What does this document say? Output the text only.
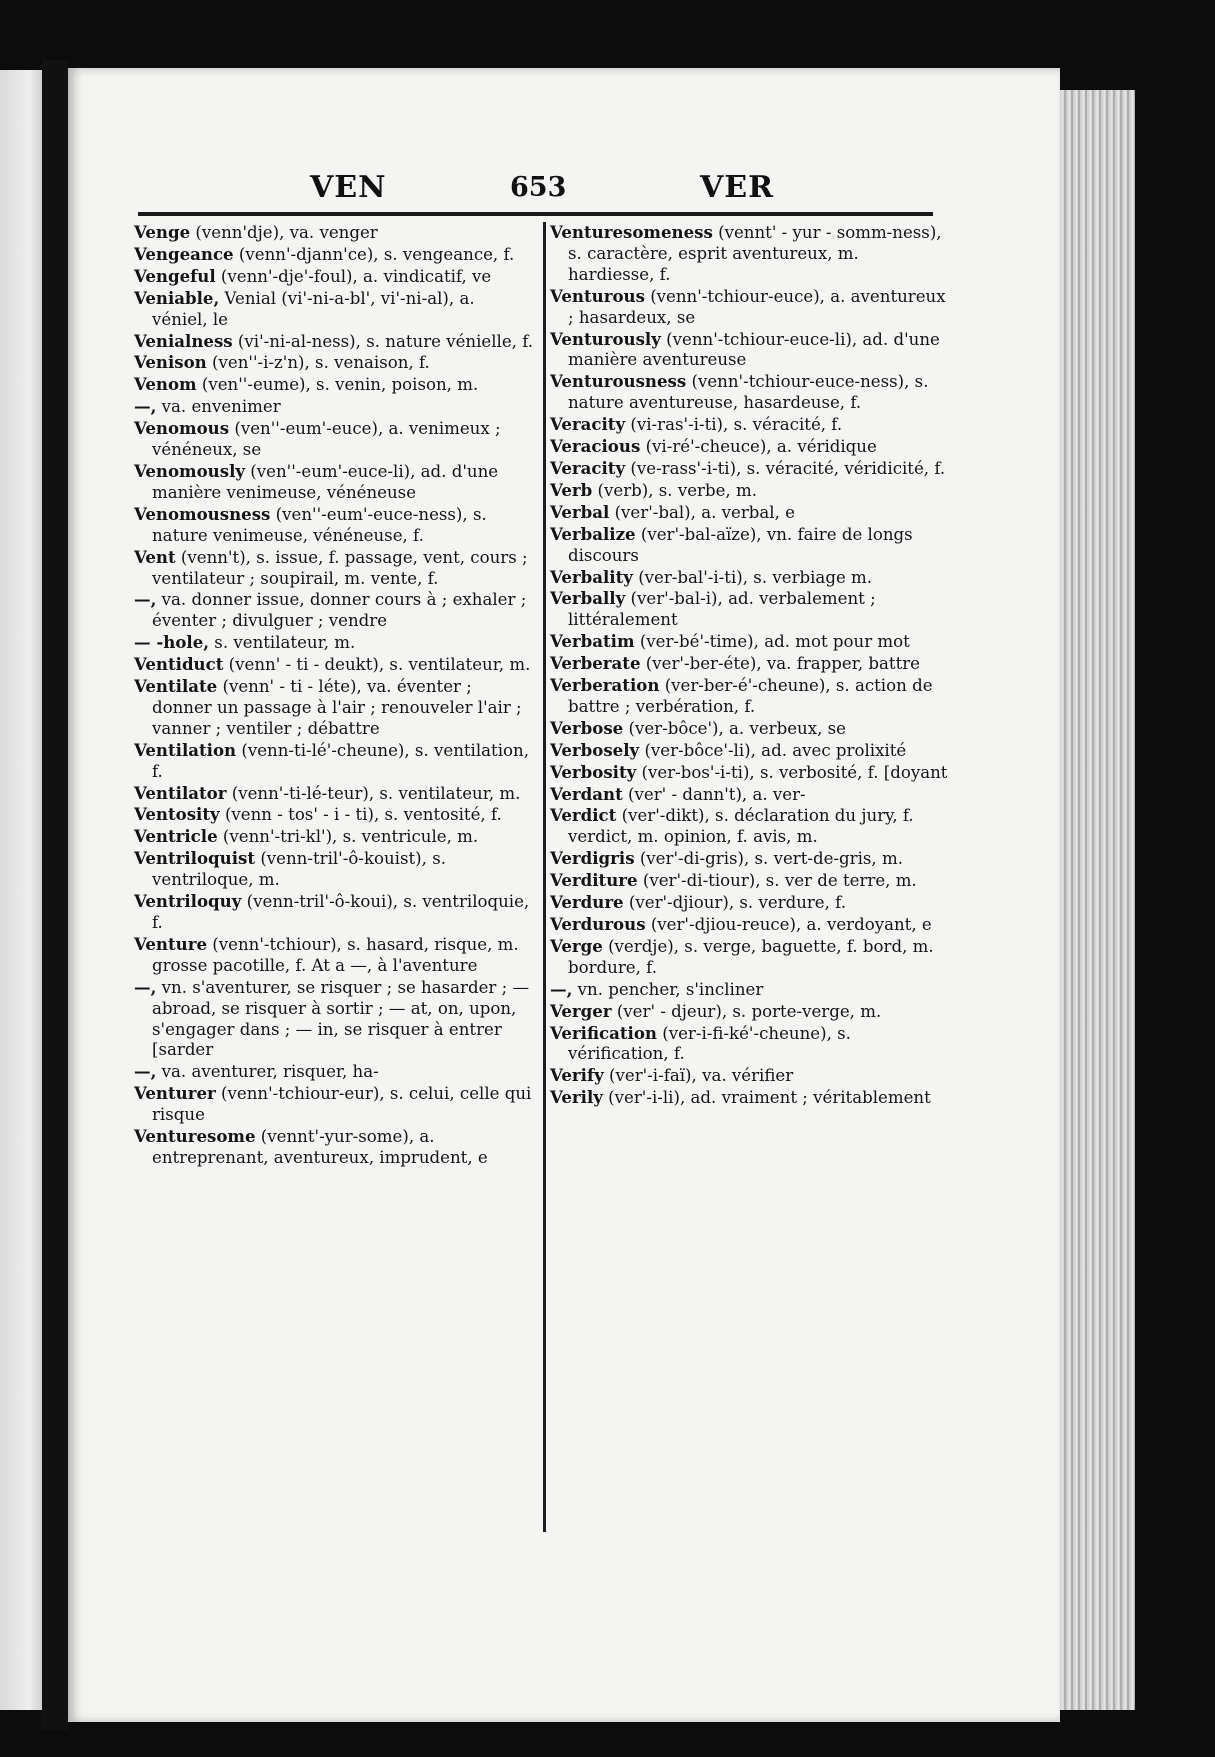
VEN	653	VER

Venge (venn'dje), va. venger

Vengeance (venn'-djann'ce), s. vengeance, f.

Vengeful (venn'-dje'-foul), a. vindicatif, ve

Veniable, Venial (vi'-ni-a-bl', vi'-ni-al), a. véniel, le

Venialness (vi'-ni-al-ness), s. nature vénielle, f.

Venison (ven''-i-z'n), s. venaison, f.

Venom (ven''-eume), s. venin, poison, m.

—, va. envenimer

Venomous (ven''-eum'-euce), a. venimeux ; vénéneux, se

Venomously (ven''-eum'-euce-li), ad. d'une manière venimeuse, vénéneuse

Venomousness (ven''-eum'-euce-ness), s. nature venimeuse, vénéneuse, f.

Vent (venn't), s. issue, f. passage, vent, cours ; ventilateur ; soupirail, m. vente, f.

—, va. donner issue, donner cours à ; exhaler ; éventer ; divulguer ; vendre

— -hole, s. ventilateur, m.

Ventiduct (venn' - ti - deukt), s. ventilateur, m.

Ventilate (venn' - ti - léte), va. éventer ; donner un passage à l'air ; renouveler l'air ; vanner ; ventiler ; débattre

Ventilation (venn-ti-lé'-cheune), s. ventilation, f.

Ventilator (venn'-ti-lé-teur), s. ventilateur, m.

Ventosity (venn - tos' - i - ti), s. ventosité, f.

Ventricle (venn'-tri-kl'), s. ventricule, m.

Ventriloquist (venn-tril'-ô-kouist), s. ventriloque, m.

Ventriloquy (venn-tril'-ô-koui), s. ventriloquie, f.

Venture (venn'-tchiour), s. hasard, risque, m. grosse pacotille, f. At a —, à l'aventure

—, vn. s'aventurer, se risquer ; se hasarder ; — abroad, se risquer à sortir ; — at, on, upon, s'engager dans ; — in, se risquer à entrer [sarder

—, va. aventurer, risquer, ha-

Venturer (venn'-tchiour-eur), s. celui, celle qui risque

Venturesome (vennt'-yur-some), a. entreprenant, aventureux, imprudent, e

Venturesomeness (vennt' - yur - somm-ness), s. caractère, esprit aventureux, m. hardiesse, f.

Venturous (venn'-tchiour-euce), a. aventureux ; hasardeux, se

Venturously (venn'-tchiour-euce-li), ad. d'une manière aventureuse

Venturousness (venn'-tchiour-euce-ness), s. nature aventureuse, hasardeuse, f.

Veracity (vi-ras'-i-ti), s. véracité, f.

Veracious (vi-ré'-cheuce), a. véridique

Veracity (ve-rass'-i-ti), s. véracité, véridicité, f.

Verb (verb), s. verbe, m.

Verbal (ver'-bal), a. verbal, e

Verbalize (ver'-bal-aïze), vn. faire de longs discours

Verbality (ver-bal'-i-ti), s. verbiage m.

Verbally (ver'-bal-i), ad. verbalement ; littéralement

Verbatim (ver-bé'-time), ad. mot pour mot

Verberate (ver'-ber-éte), va. frapper, battre

Verberation (ver-ber-é'-cheune), s. action de battre ; verbération, f.

Verbose (ver-bôce'), a. verbeux, se

Verbosely (ver-bôce'-li), ad. avec prolixité

Verbosity (ver-bos'-i-ti), s. verbosité, f. [doyant

Verdant (ver' - dann't), a. ver-

Verdict (ver'-dikt), s. déclaration du jury, f. verdict, m. opinion, f. avis, m.

Verdigris (ver'-di-gris), s. vert-de-gris, m.

Verditure (ver'-di-tiour), s. ver de terre, m.

Verdure (ver'-djiour), s. verdure, f.

Verdurous (ver'-djiou-reuce), a. verdoyant, e

Verge (verdje), s. verge, baguette, f. bord, m. bordure, f.

—, vn. pencher, s'incliner

Verger (ver' - djeur), s. porte-verge, m.

Verification (ver-i-fi-ké'-cheune), s. vérification, f.

Verify (ver'-i-faï), va. vérifier

Verily (ver'-i-li), ad. vraiment ; véritablement
